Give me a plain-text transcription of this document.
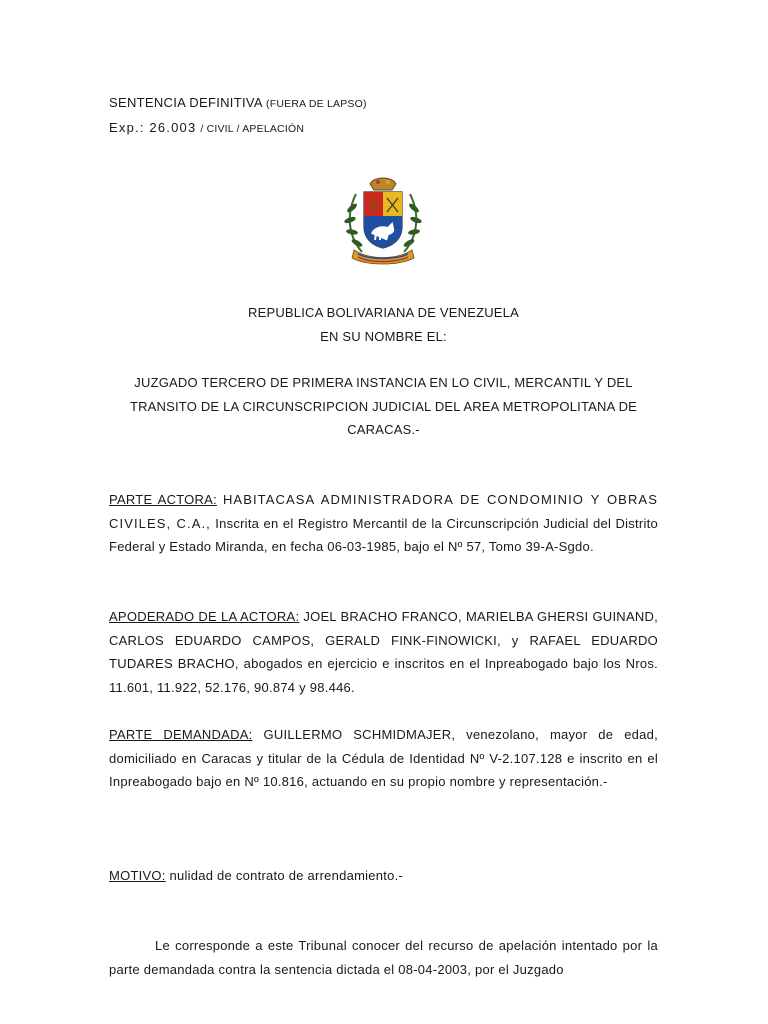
SENTENCIA DEFINITIVA (FUERA DE LAPSO)
Exp.: 26.003 / CIVIL / APELACIÓN
REPUBLICA BOLIVARIANA DE VENEZUELA
EN SU NOMBRE EL:
JUZGADO TERCERO DE PRIMERA INSTANCIA EN LO CIVIL, MERCANTIL Y DEL
TRANSITO DE LA CIRCUNSCRIPCION JUDICIAL DEL AREA METROPOLITANA DE
CARACAS.-
PARTE ACTORA: HABITACASA ADMINISTRADORA DE CONDOMINIO Y OBRAS CIVILES, C.A., Inscrita en el Registro Mercantil de la Circunscripción Judicial del Distrito Federal y Estado Miranda, en fecha 06-03-1985, bajo el Nº 57, Tomo 39-A-Sgdo.
APODERADO DE LA ACTORA: JOEL BRACHO FRANCO, MARIELBA GHERSI GUINAND, CARLOS EDUARDO CAMPOS, GERALD FINK-FINOWICKI, y RAFAEL EDUARDO TUDARES BRACHO, abogados en ejercicio e inscritos en el Inpreabogado bajo los Nros. 11.601, 11.922, 52.176, 90.874 y 98.446.
PARTE DEMANDADA: GUILLERMO SCHMIDMAJER, venezolano, mayor de edad, domiciliado en Caracas y titular de la Cédula de Identidad Nº V-2.107.128 e inscrito en el Inpreabogado bajo en Nº 10.816, actuando en su propio nombre y representación.-
MOTIVO: nulidad de contrato de arrendamiento.-
Le corresponde a este Tribunal conocer del recurso de apelación intentado por la parte demandada contra la sentencia dictada el 08-04-2003, por el Juzgado
